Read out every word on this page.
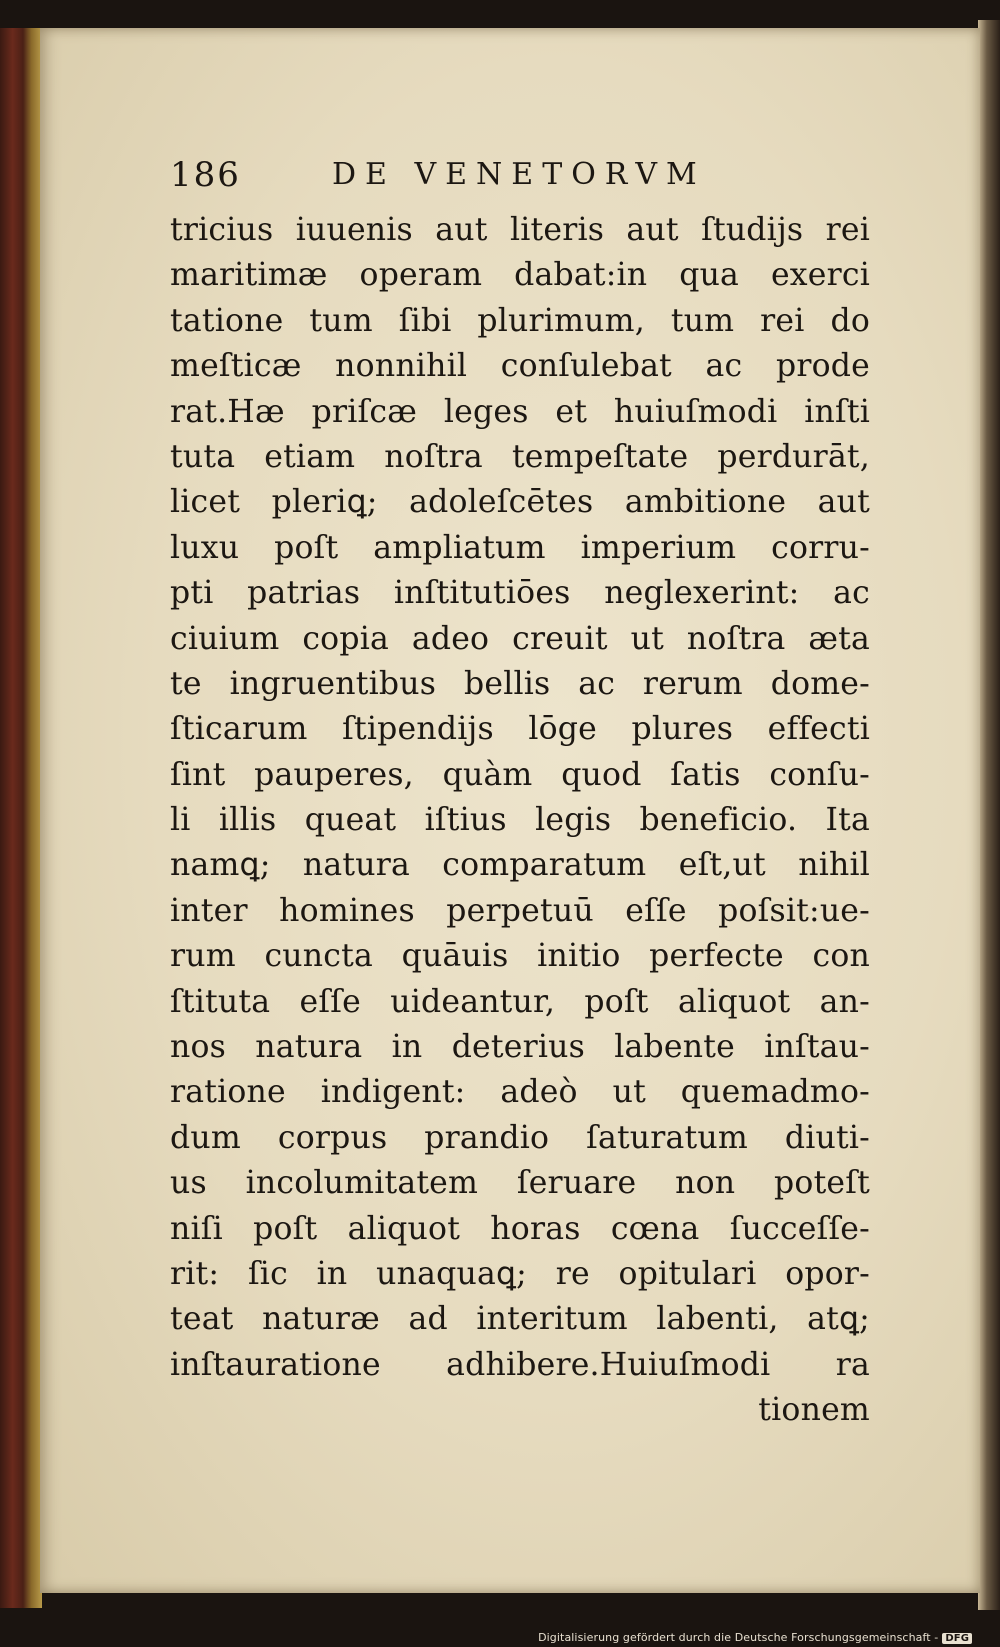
186	DE VENETORVM
tricius iuuenis aut literis aut ſtudijs rei
maritimæ operam dabat:in qua exerci
tatione tum ſibi plurimum, tum rei do
meſticæ nonnihil conſulebat ac prode
rat.Hæ priſcæ leges et huiuſmodi inſti
tuta etiam noſtra tempeſtate perdurāt,
licet pleriꝗ; adoleſcētes ambitione aut
luxu poſt ampliatum imperium corru-
pti patrias inſtitutiōes neglexerint: ac
ciuium copia adeo creuit ut noſtra æta
te ingruentibus bellis ac rerum dome-
ſticarum ſtipendijs lōge plures effecti
ſint pauperes, quàm quod ſatis conſu-
li illis queat iſtius legis beneficio. Ita
namꝗ; natura comparatum eſt,ut nihil
inter homines perpetuū eſſe poſsit:ue-
rum cuncta quāuis initio perfecte con
ſtituta eſſe uideantur, poſt aliquot an-
nos natura in deterius labente inſtau-
ratione indigent: adeò ut quemadmo-
dum corpus prandio ſaturatum diuti-
us incolumitatem ſeruare non poteſt
niſi poſt aliquot horas cœna ſucceſſe-
rit: ſic in unaquaꝗ; re opitulari opor-
teat naturæ ad interitum labenti, atꝗ;
inſtauratione adhibere.Huiuſmodi ra
tionem
Digitalisierung gefördert durch die Deutsche Forschungsgemeinschaft - DFG
